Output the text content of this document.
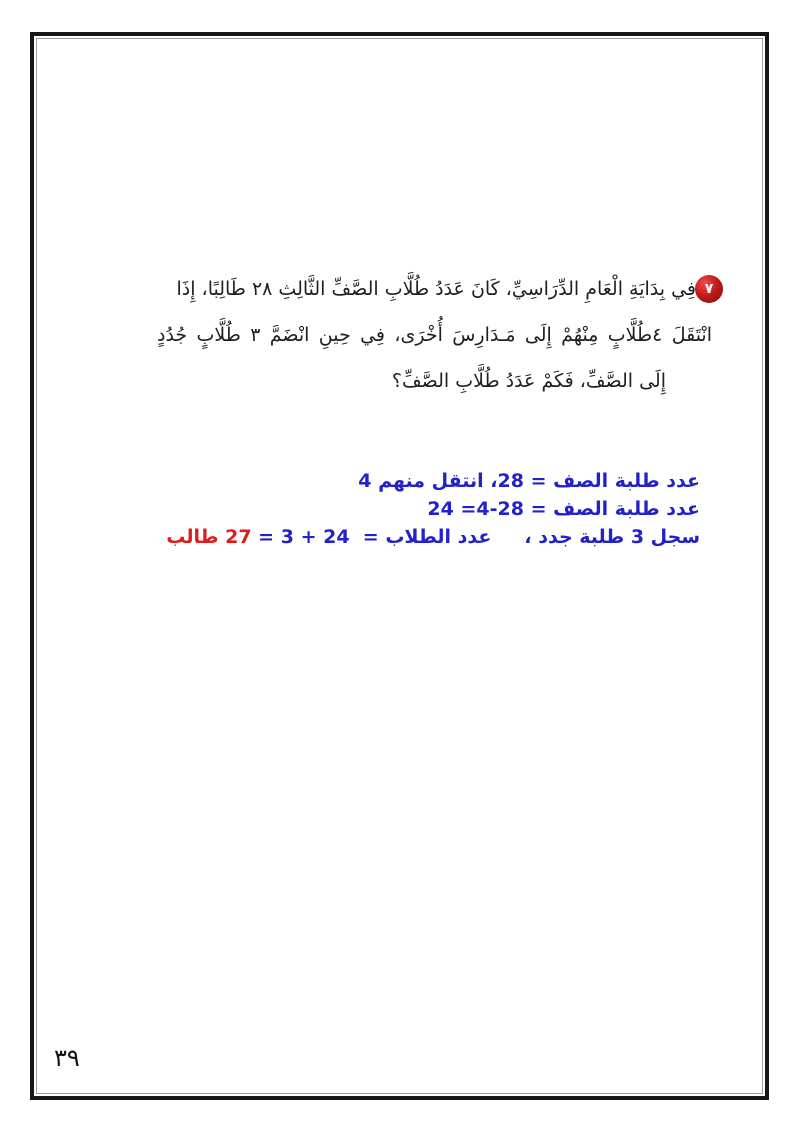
٧
فِي بِدَايَةِ الْعَامِ الدِّرَاسِيِّ، كَانَ عَدَدُ طُلَّابِ الصَّفِّ الثَّالِثِ ٢٨ طَالِبًا، إِذَا
انْتَقَلَ ٤طُلَّابٍ مِنْهُمْ إِلَى مَـدَارِسَ أُخْرَى، فِي حِينِ انْضَمَّ ٣ طُلَّابٍ جُدُدٍ
إِلَى الصَّفِّ، فَكَمْ عَدَدُ طُلَّابِ الصَّفِّ؟
عدد طلبة الصف = 28، انتقل منهم 4
عدد طلبة الصف = 28-4= 24
سجل 3 طلبة جدد ،     عدد الطلاب =  24 + 3 = 27 طالب
٣٩
